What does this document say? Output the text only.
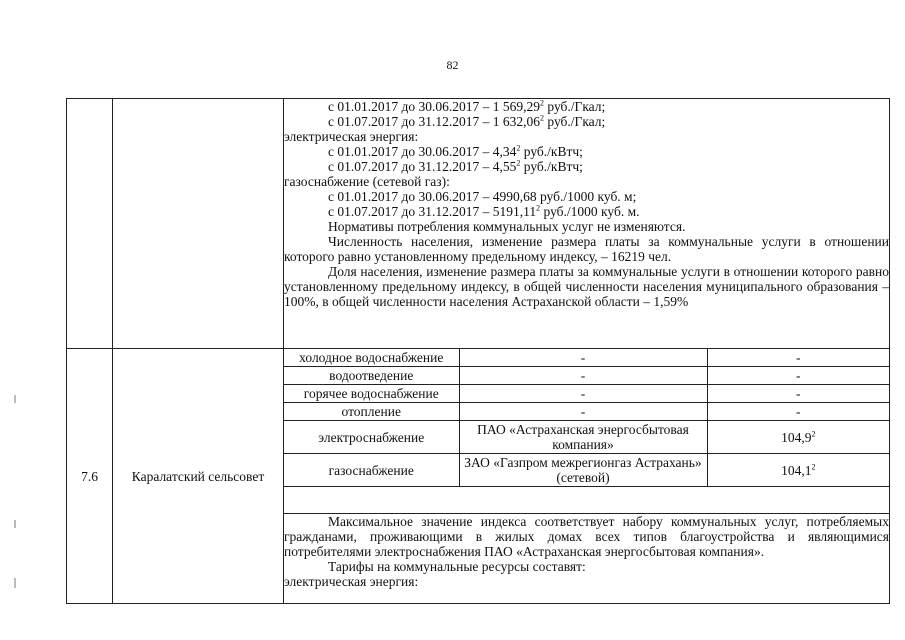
82

с 01.01.2017 до 30.06.2017 – 1 569,29$^2$ руб./Гкал;

с 01.07.2017 до 31.12.2017 – 1 632,06$^2$ руб./Гкал;

электрическая энергия:

с 01.01.2017 до 30.06.2017 – 4,34$^2$ руб./кВтч;

с 01.07.2017 до 31.12.2017 – 4,55$^2$ руб./кВтч;

газоснабжение (сетевой газ):

с 01.01.2017 до 30.06.2017 – 4990,68 руб./1000 куб. м;

с 01.07.2017 до 31.12.2017 – 5191,11$^2$ руб./1000 куб. м.

Нормативы потребления коммунальных услуг не изменяются.

Численность населения, изменение размера платы за коммунальные услуги в отношении которого равно установленному предельному индексу, – 16219 чел.

Доля населения, изменение размера платы за коммунальные услуги в отношении которого равно установленному предельному индексу, в общей численности населения муниципального образования – 100%, в общей численности населения Астраханской области – 1,59%

7.6	Каралатский сельсовет	
холодное водоснабжение	-	-
водоотведение	-	-
горячее водоснабжение	-	-
отопление	-	-
электроснабжение	ПАО «Астраханская энергосбытовая компания»	104,9$^2$
газоснабжение	ЗАО «Газпром межрегионгаз Астрахань» (сетевой)	104,1$^2$

Максимальное значение индекса соответствует набору коммунальных услуг, потребляемых гражданами, проживающими в жилых домах всех типов благоустройства и являющимися потребителями электроснабжения ПАО «Астраханская энергосбытовая компания».

Тарифы на коммунальные ресурсы составят:

электрическая энергия:
